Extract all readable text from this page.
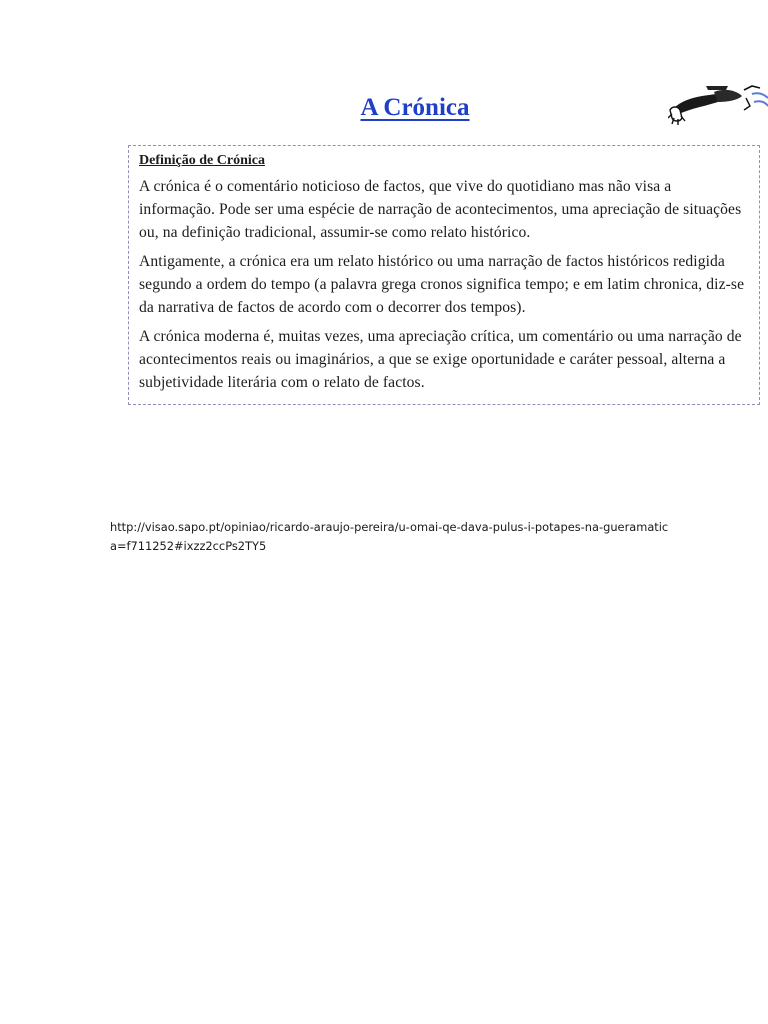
A Crónica
Definição de Crónica

A crónica é o comentário noticioso de factos, que vive do quotidiano mas não visa a informação. Pode ser uma espécie de narração de acontecimentos, uma apreciação de situações ou, na definição tradicional, assumir-se como relato histórico.

Antigamente, a crónica era um relato histórico ou uma narração de factos históricos redigida segundo a ordem do tempo (a palavra grega cronos significa tempo; e em latim chronica, diz-se da narrativa de factos de acordo com o decorrer dos tempos).

A crónica moderna é, muitas vezes, uma apreciação crítica, um comentário ou uma narração de acontecimentos reais ou imaginários, a que se exige oportunidade e caráter pessoal, alterna a subjetividade literária com o relato de factos.

http://visao.sapo.pt/opiniao/ricardo-araujo-pereira/u-omai-qe-dava-pulus-i-potapes-na-gueramatica=f711252#ixzz2ccPs2TY5
